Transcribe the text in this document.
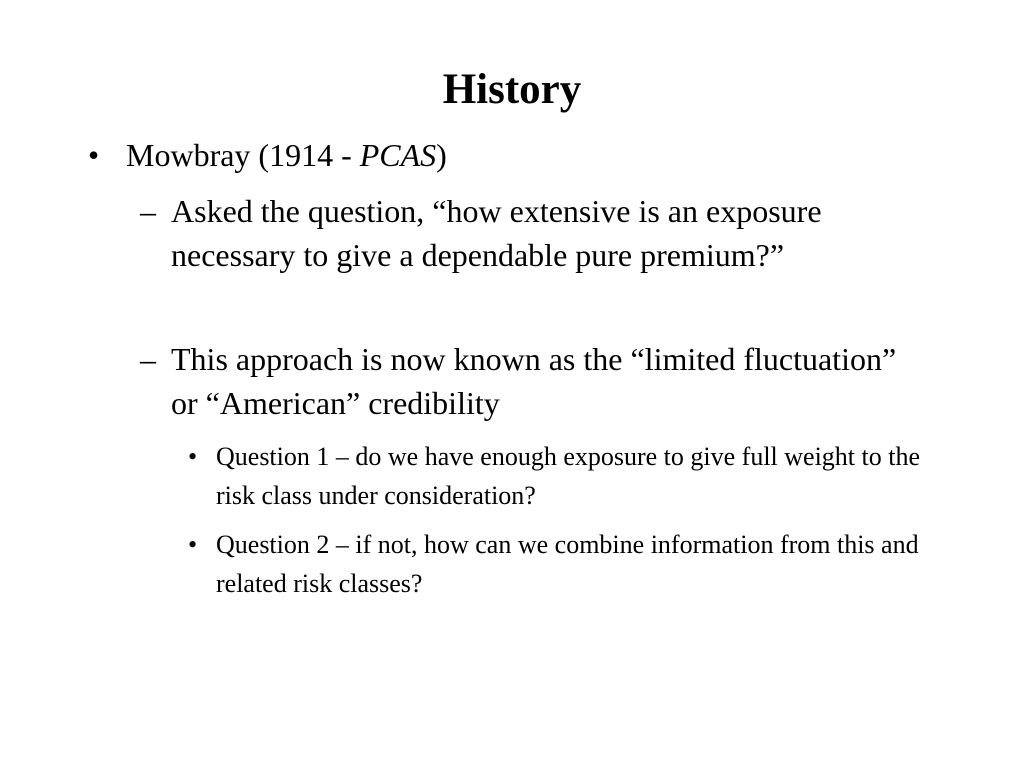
History
• Mowbray (1914 - PCAS)
– Asked the question, “how extensive is an exposure necessary to give a dependable pure premium?”
– This approach is now known as the “limited fluctuation” or “American” credibility
• Question 1 – do we have enough exposure to give full weight to the risk class under consideration?
• Question 2 – if not, how can we combine information from this and related risk classes?
